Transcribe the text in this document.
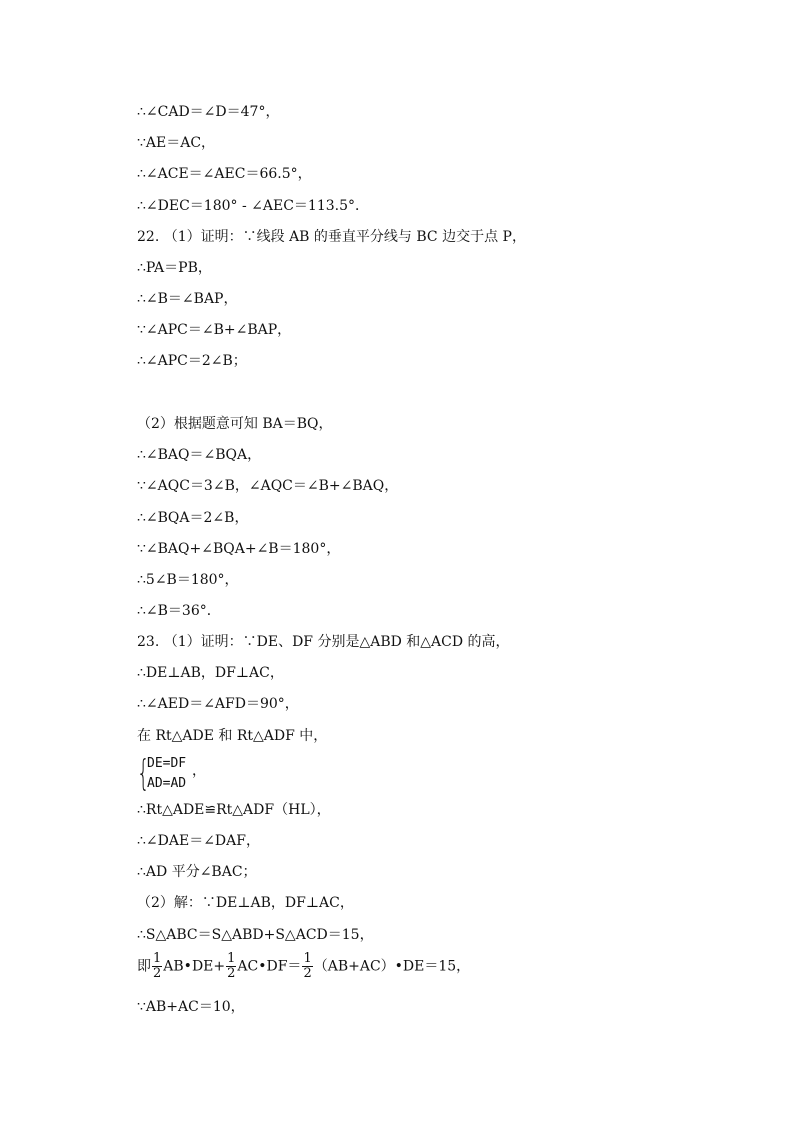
∴∠CAD＝∠D＝47°，
∵AE＝AC，
∴∠ACE＝∠AEC＝66.5°，
∴∠DEC＝180° - ∠AEC＝113.5°．
22. （1）证明：∵线段 AB 的垂直平分线与 BC 边交于点 P，
∴PA＝PB，
∴∠B＝∠BAP，
∵∠APC＝∠B+∠BAP，
∴∠APC＝2∠B；
（2）根据题意可知 BA＝BQ，
∴∠BAQ＝∠BQA，
∵∠AQC＝3∠B，∠AQC＝∠B+∠BAQ，
∴∠BQA＝2∠B，
∵∠BAQ+∠BQA+∠B＝180°，
∴5∠B＝180°，
∴∠B＝36°．
23. （1）证明：∵DE、DF 分别是△ABD 和△ACD 的高，
∴DE⊥AB，DF⊥AC，
∴∠AED＝∠AFD＝90°，
在 Rt△ADE 和 Rt△ADF 中，
{
DE=DF
AD=AD
，
∴Rt△ADE≌Rt△ADF（HL），
∴∠DAE＝∠DAF，
∴AD 平分∠BAC；
（2）解：∵DE⊥AB，DF⊥AC，
∴S△ABC＝S△ABD+S△ACD＝15，
即 $\frac{1}{2}$ AB•DE+ $\frac{1}{2}$ AC•DF＝ $\frac{1}{2}$ （AB+AC）•DE＝15，
∵AB+AC＝10，
